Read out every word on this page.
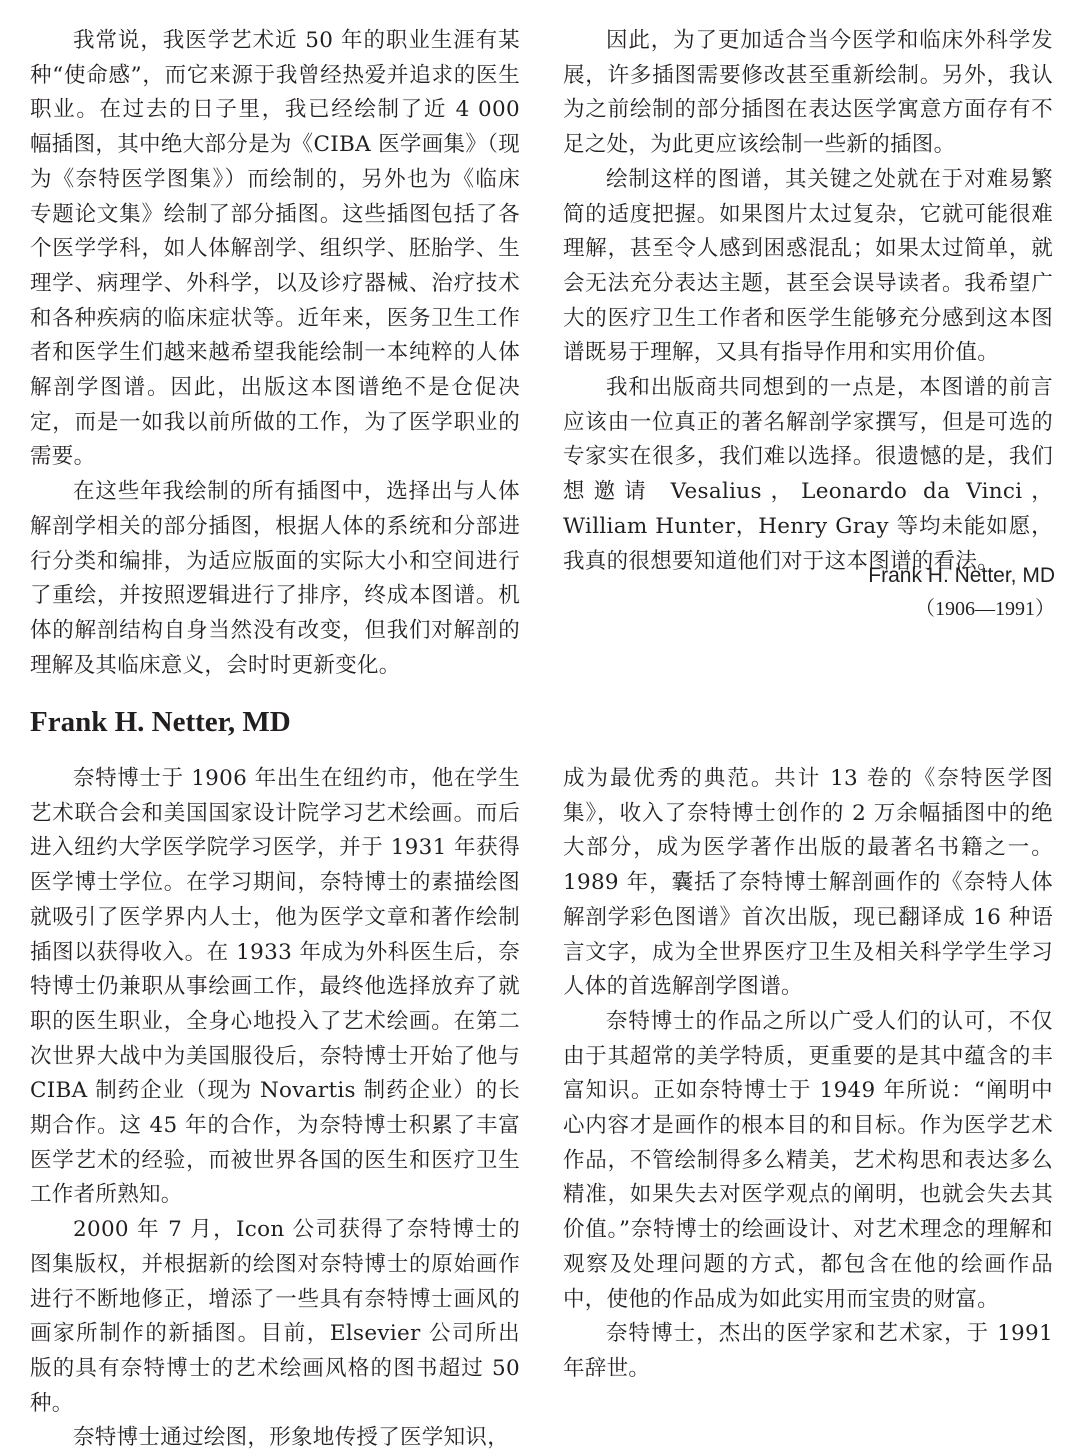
我常说，我医学艺术近 50 年的职业生涯有某种“使命感”，而它来源于我曾经热爱并追求的医生职业。在过去的日子里，我已经绘制了近 4 000 幅插图，其中绝大部分是为《CIBA 医学画集》（现为《奈特医学图集》）而绘制的，另外也为《临床专题论文集》绘制了部分插图。这些插图包括了各个医学学科，如人体解剖学、组织学、胚胎学、生理学、病理学、外科学，以及诊疗器械、治疗技术和各种疾病的临床症状等。近年来，医务卫生工作者和医学生们越来越希望我能绘制一本纯粹的人体解剖学图谱。因此，出版这本图谱绝不是仓促决定，而是一如我以前所做的工作，为了医学职业的需要。

在这些年我绘制的所有插图中，选择出与人体解剖学相关的部分插图，根据人体的系统和分部进行分类和编排，为适应版面的实际大小和空间进行了重绘，并按照逻辑进行了排序，终成本图谱。机体的解剖结构自身当然没有改变，但我们对解剖的理解及其临床意义，会时时更新变化。

因此，为了更加适合当今医学和临床外科学发展，许多插图需要修改甚至重新绘制。另外，我认为之前绘制的部分插图在表达医学寓意方面存有不足之处，为此更应该绘制一些新的插图。

绘制这样的图谱，其关键之处就在于对难易繁简的适度把握。如果图片太过复杂，它就可能很难理解，甚至令人感到困惑混乱；如果太过简单，就会无法充分表达主题，甚至会误导读者。我希望广大的医疗卫生工作者和医学生能够充分感到这本图谱既易于理解，又具有指导作用和实用价值。

我和出版商共同想到的一点是，本图谱的前言应该由一位真正的著名解剖学家撰写，但是可选的专家实在很多，我们难以选择。很遗憾的是，我们想邀请 Vesalius，Leonardo da Vinci，William Hunter，Henry Gray 等均未能如愿，我真的很想要知道他们对于这本图谱的看法。

Frank H. Netter, MD
（1906—1991）
Frank H. Netter, MD

奈特博士于 1906 年出生在纽约市，他在学生艺术联合会和美国国家设计院学习艺术绘画。而后进入纽约大学医学院学习医学，并于 1931 年获得医学博士学位。在学习期间，奈特博士的素描绘图就吸引了医学界内人士，他为医学文章和著作绘制插图以获得收入。在 1933 年成为外科医生后，奈特博士仍兼职从事绘画工作，最终他选择放弃了就职的医生职业，全身心地投入了艺术绘画。在第二次世界大战中为美国服役后，奈特博士开始了他与 CIBA 制药企业（现为 Novartis 制药企业）的长期合作。这 45 年的合作，为奈特博士积累了丰富医学艺术的经验，而被世界各国的医生和医疗卫生工作者所熟知。

2000 年 7 月，Icon 公司获得了奈特博士的图集版权，并根据新的绘图对奈特博士的原始画作进行不断地修正，增添了一些具有奈特博士画风的画家所制作的新插图。目前，Elsevier 公司所出版的具有奈特博士的艺术绘画风格的图书超过 50 种。

奈特博士通过绘图，形象地传授了医学知识，

成为最优秀的典范。共计 13 卷的《奈特医学图集》，收入了奈特博士创作的 2 万余幅插图中的绝大部分，成为医学著作出版的最著名书籍之一。1989 年，囊括了奈特博士解剖画作的《奈特人体解剖学彩色图谱》首次出版，现已翻译成 16 种语言文字，成为全世界医疗卫生及相关科学学生学习人体的首选解剖学图谱。

奈特博士的作品之所以广受人们的认可，不仅由于其超常的美学特质，更重要的是其中蕴含的丰富知识。正如奈特博士于 1949 年所说：“阐明中心内容才是画作的根本目的和目标。作为医学艺术作品，不管绘制得多么精美，艺术构思和表达多么精准，如果失去对医学观点的阐明，也就会失去其价值。”奈特博士的绘画设计、对艺术理念的理解和观察及处理问题的方式，都包含在他的绘画作品中，使他的作品成为如此实用而宝贵的财富。

奈特博士，杰出的医学家和艺术家，于 1991 年辞世。
